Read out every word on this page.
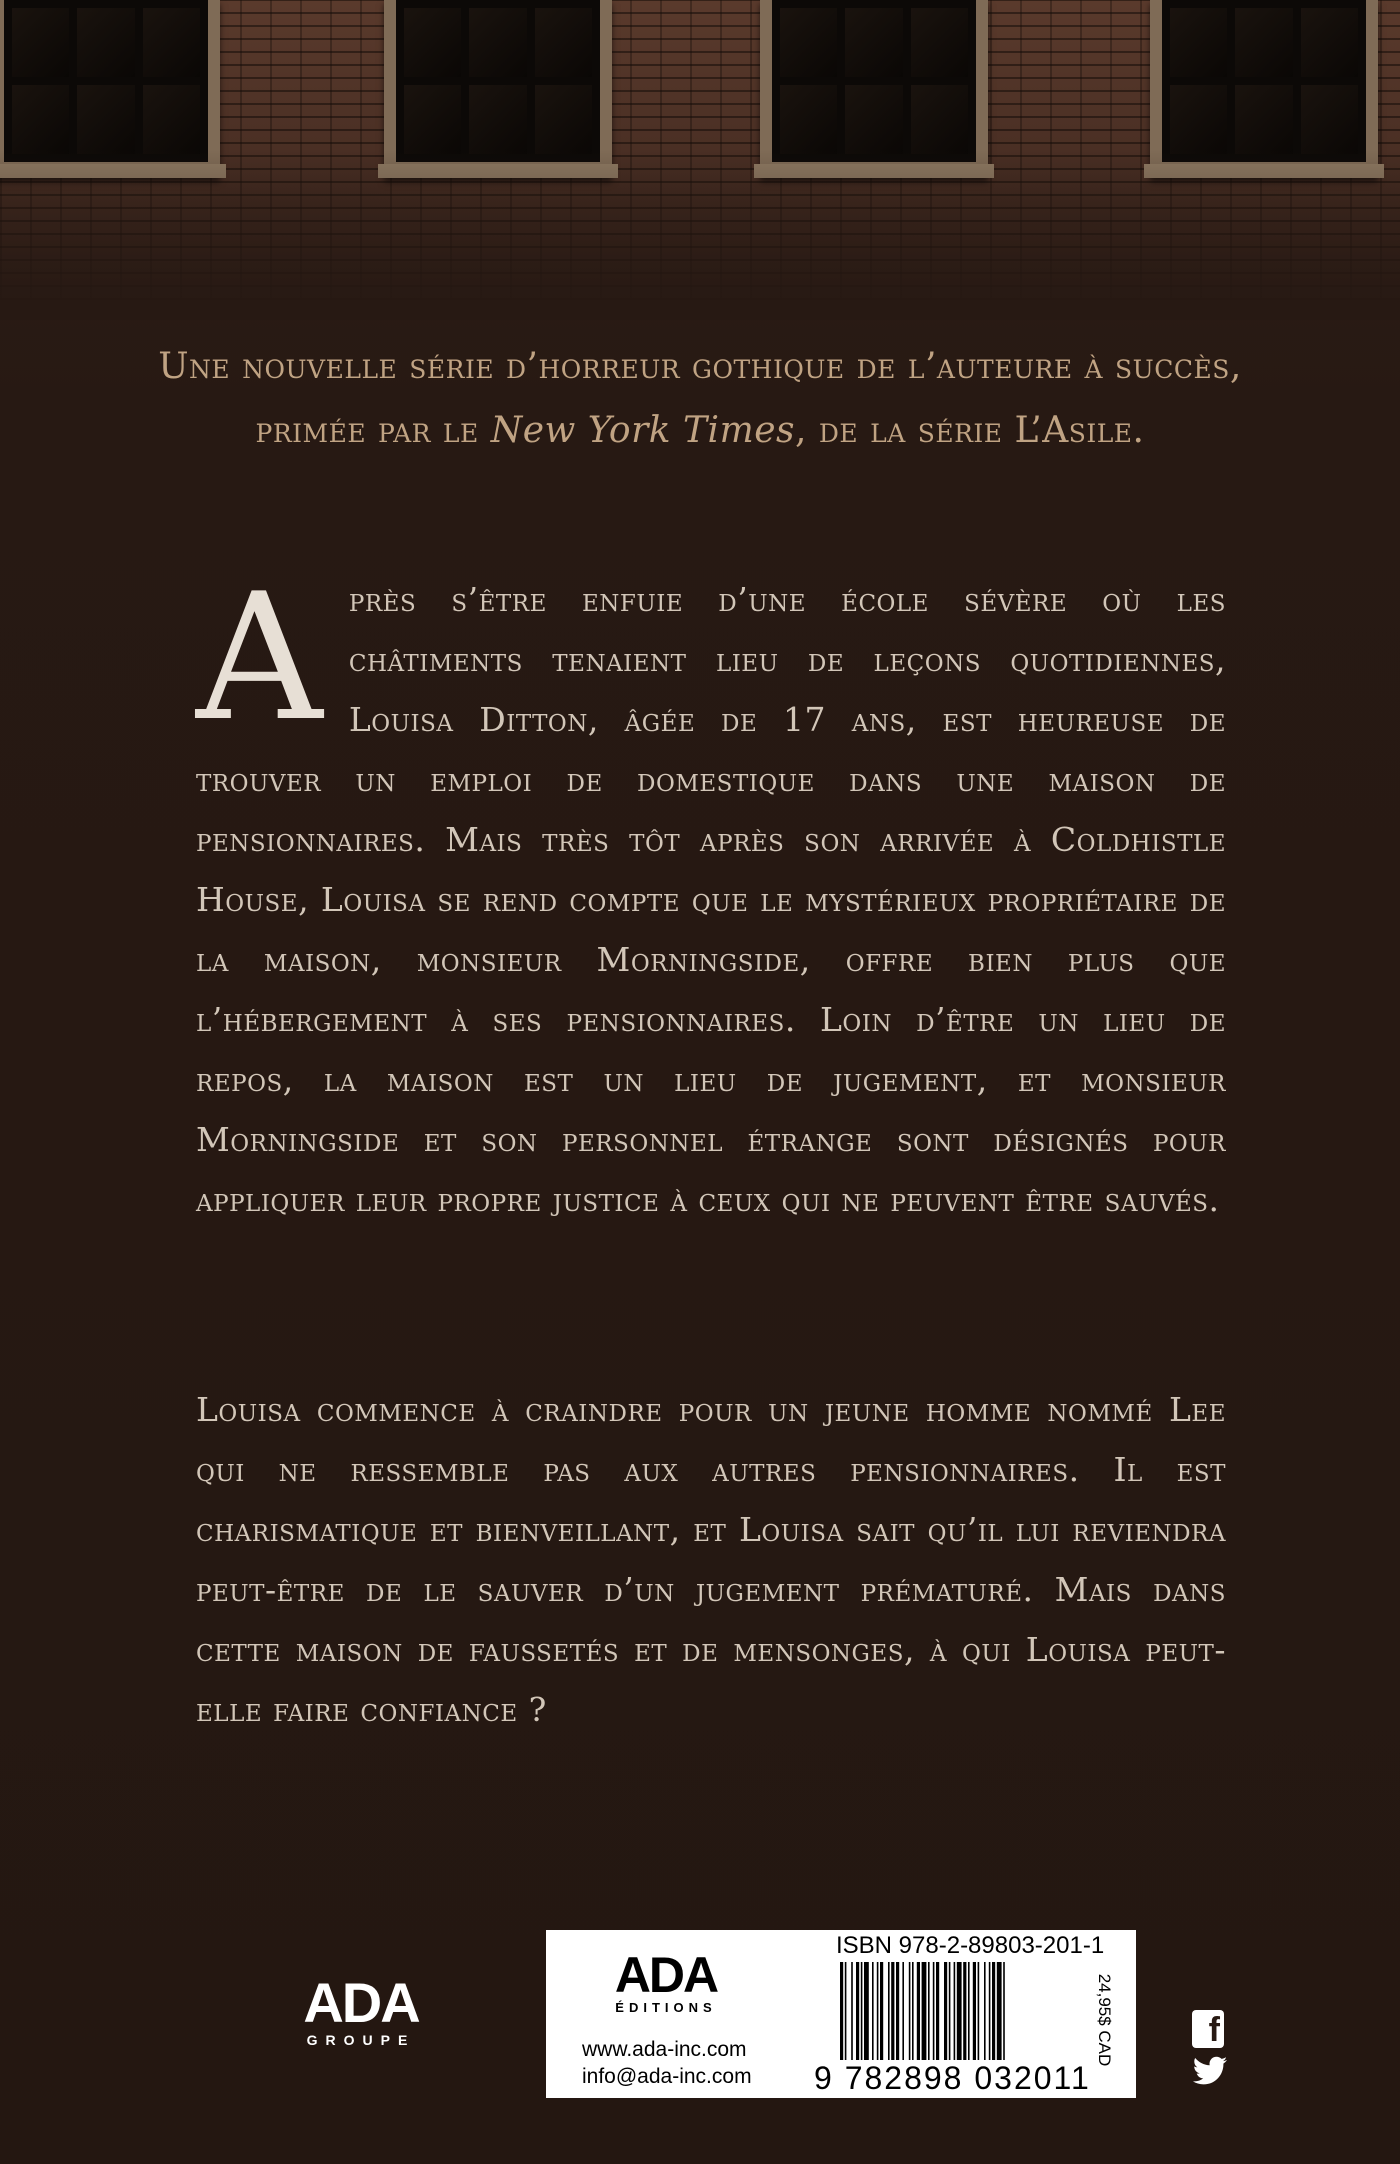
Une nouvelle série d’horreur gothique de l’auteure à succès,
primée par le New York Times, de la série L’Asile.
Après s’être enfuie d’une école sévère où les châtiments tenaient lieu de leçons quotidiennes, Louisa Ditton, âgée de 17 ans, est heureuse de trouver un emploi de domestique dans une maison de pensionnaires. Mais très tôt après son arrivée à Coldhistle House, Louisa se rend compte que le mystérieux propriétaire de la maison, monsieur Morningside, offre bien plus que l’hébergement à ses pensionnaires. Loin d’être un lieu de repos, la maison est un lieu de jugement, et monsieur Morningside et son personnel étrange sont désignés pour appliquer leur propre justice à ceux qui ne peuvent être sauvés.
Louisa commence à craindre pour un jeune homme nommé Lee qui ne ressemble pas aux autres pensionnaires. Il est charismatique et bienveillant, et Louisa sait qu’il lui reviendra peut-être de le sauver d’un jugement prématuré. Mais dans cette maison de faussetés et de mensonges, à qui Louisa peut-elle faire confiance ?
ADA
GROUPE
ADA
ÉDITIONS
www.ada-inc.com
info@ada-inc.com
ISBN 978-2-89803-201-1
9 782898 032011
24,95$ CAD	f
